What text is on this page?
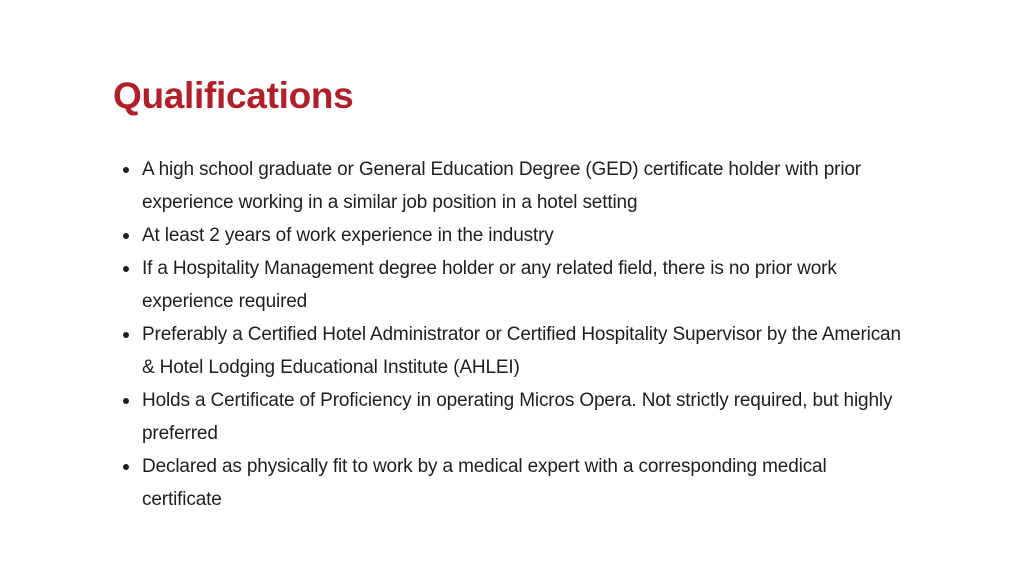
Qualifications
A high school graduate or General Education Degree (GED) certificate holder with prior experience working in a similar job position in a hotel setting
At least 2 years of work experience in the industry
If a Hospitality Management degree holder or any related field, there is no prior work experience required
Preferably a Certified Hotel Administrator or Certified Hospitality Supervisor by the American & Hotel Lodging Educational Institute (AHLEI)
Holds a Certificate of Proficiency in operating Micros Opera. Not strictly required, but highly preferred
Declared as physically fit to work by a medical expert with a corresponding medical certificate
